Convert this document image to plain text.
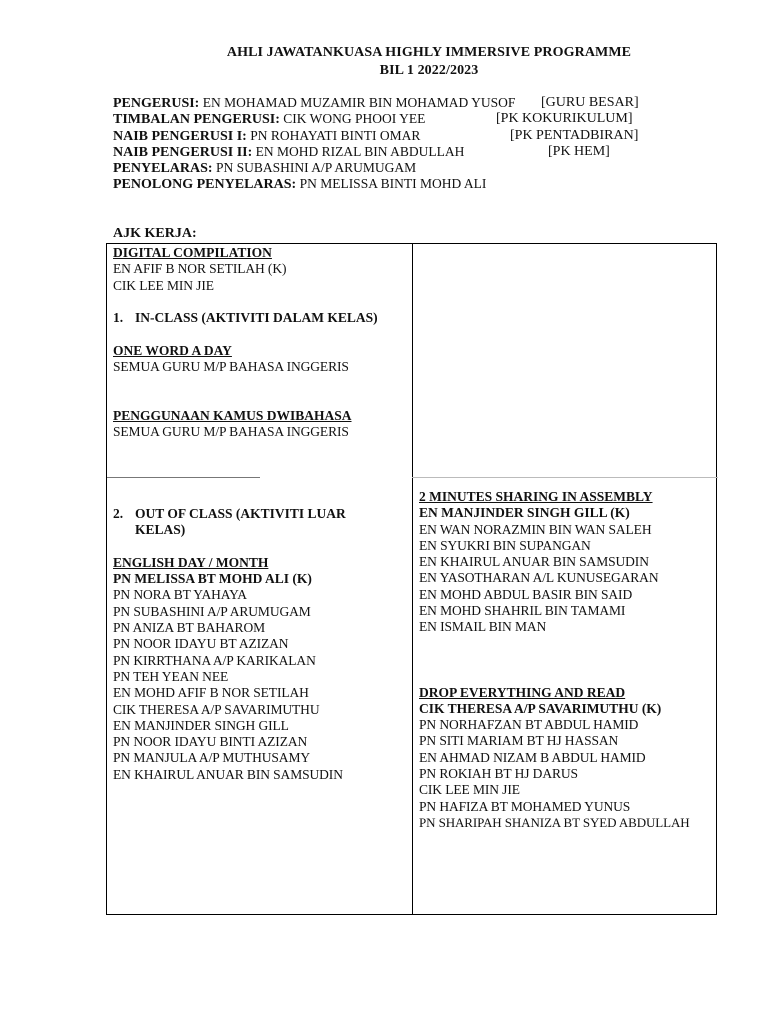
AHLI JAWATANKUASA HIGHLY IMMERSIVE PROGRAMME
BIL 1 2022/2023
PENGERUSI: EN MOHAMAD MUZAMIR BIN MOHAMAD YUSOF [GURU BESAR]
TIMBALAN PENGERUSI: CIK WONG PHOOI YEE	[PK KOKURIKULUM]
NAIB PENGERUSI I: PN ROHAYATI BINTI OMAR	[PK PENTADBIRAN]
NAIB PENGERUSI II: EN MOHD RIZAL BIN ABDULLAH	[PK HEM]
PENYELARAS: PN SUBASHINI A/P ARUMUGAM
PENOLONG PENYELARAS: PN MELISSA BINTI MOHD ALI
AJK KERJA:
DIGITAL COMPILATION
EN AFIF B NOR SETILAH (K)
CIK LEE MIN JIE
1. IN-CLASS (AKTIVITI DALAM KELAS)
ONE WORD A DAY
SEMUA GURU M/P BAHASA INGGERIS
PENGGUNAAN KAMUS DWIBAHASA
SEMUA GURU M/P BAHASA INGGERIS
2. OUT OF CLASS (AKTIVITI LUAR
KELAS)
ENGLISH DAY / MONTH
PN MELISSA BT MOHD ALI (K)
PN NORA BT YAHAYA
PN SUBASHINI A/P ARUMUGAM
PN ANIZA BT BAHAROM
PN NOOR IDAYU BT AZIZAN
PN KIRRTHANA A/P KARIKALAN
PN TEH YEAN NEE
EN MOHD AFIF B NOR SETILAH
CIK THERESA A/P SAVARIMUTHU
EN MANJINDER SINGH GILL
PN NOOR IDAYU BINTI AZIZAN
PN MANJULA A/P MUTHUSAMY
EN KHAIRUL ANUAR BIN SAMSUDIN
2 MINUTES SHARING IN ASSEMBLY
EN MANJINDER SINGH GILL (K)
EN WAN NORAZMIN BIN WAN SALEH
EN SYUKRI BIN SUPANGAN
EN KHAIRUL ANUAR BIN SAMSUDIN
EN YASOTHARAN A/L KUNUSEGARAN
EN MOHD ABDUL BASIR BIN SAID
EN MOHD SHAHRIL BIN TAMAMI
EN ISMAIL BIN MAN
DROP EVERYTHING AND READ
CIK THERESA A/P SAVARIMUTHU (K)
PN NORHAFZAN BT ABDUL HAMID
PN SITI MARIAM BT HJ HASSAN
EN AHMAD NIZAM B ABDUL HAMID
PN ROKIAH BT HJ DARUS
CIK LEE MIN JIE
PN HAFIZA BT MOHAMED YUNUS
PN SHARIPAH SHANIZA BT SYED ABDULLAH
